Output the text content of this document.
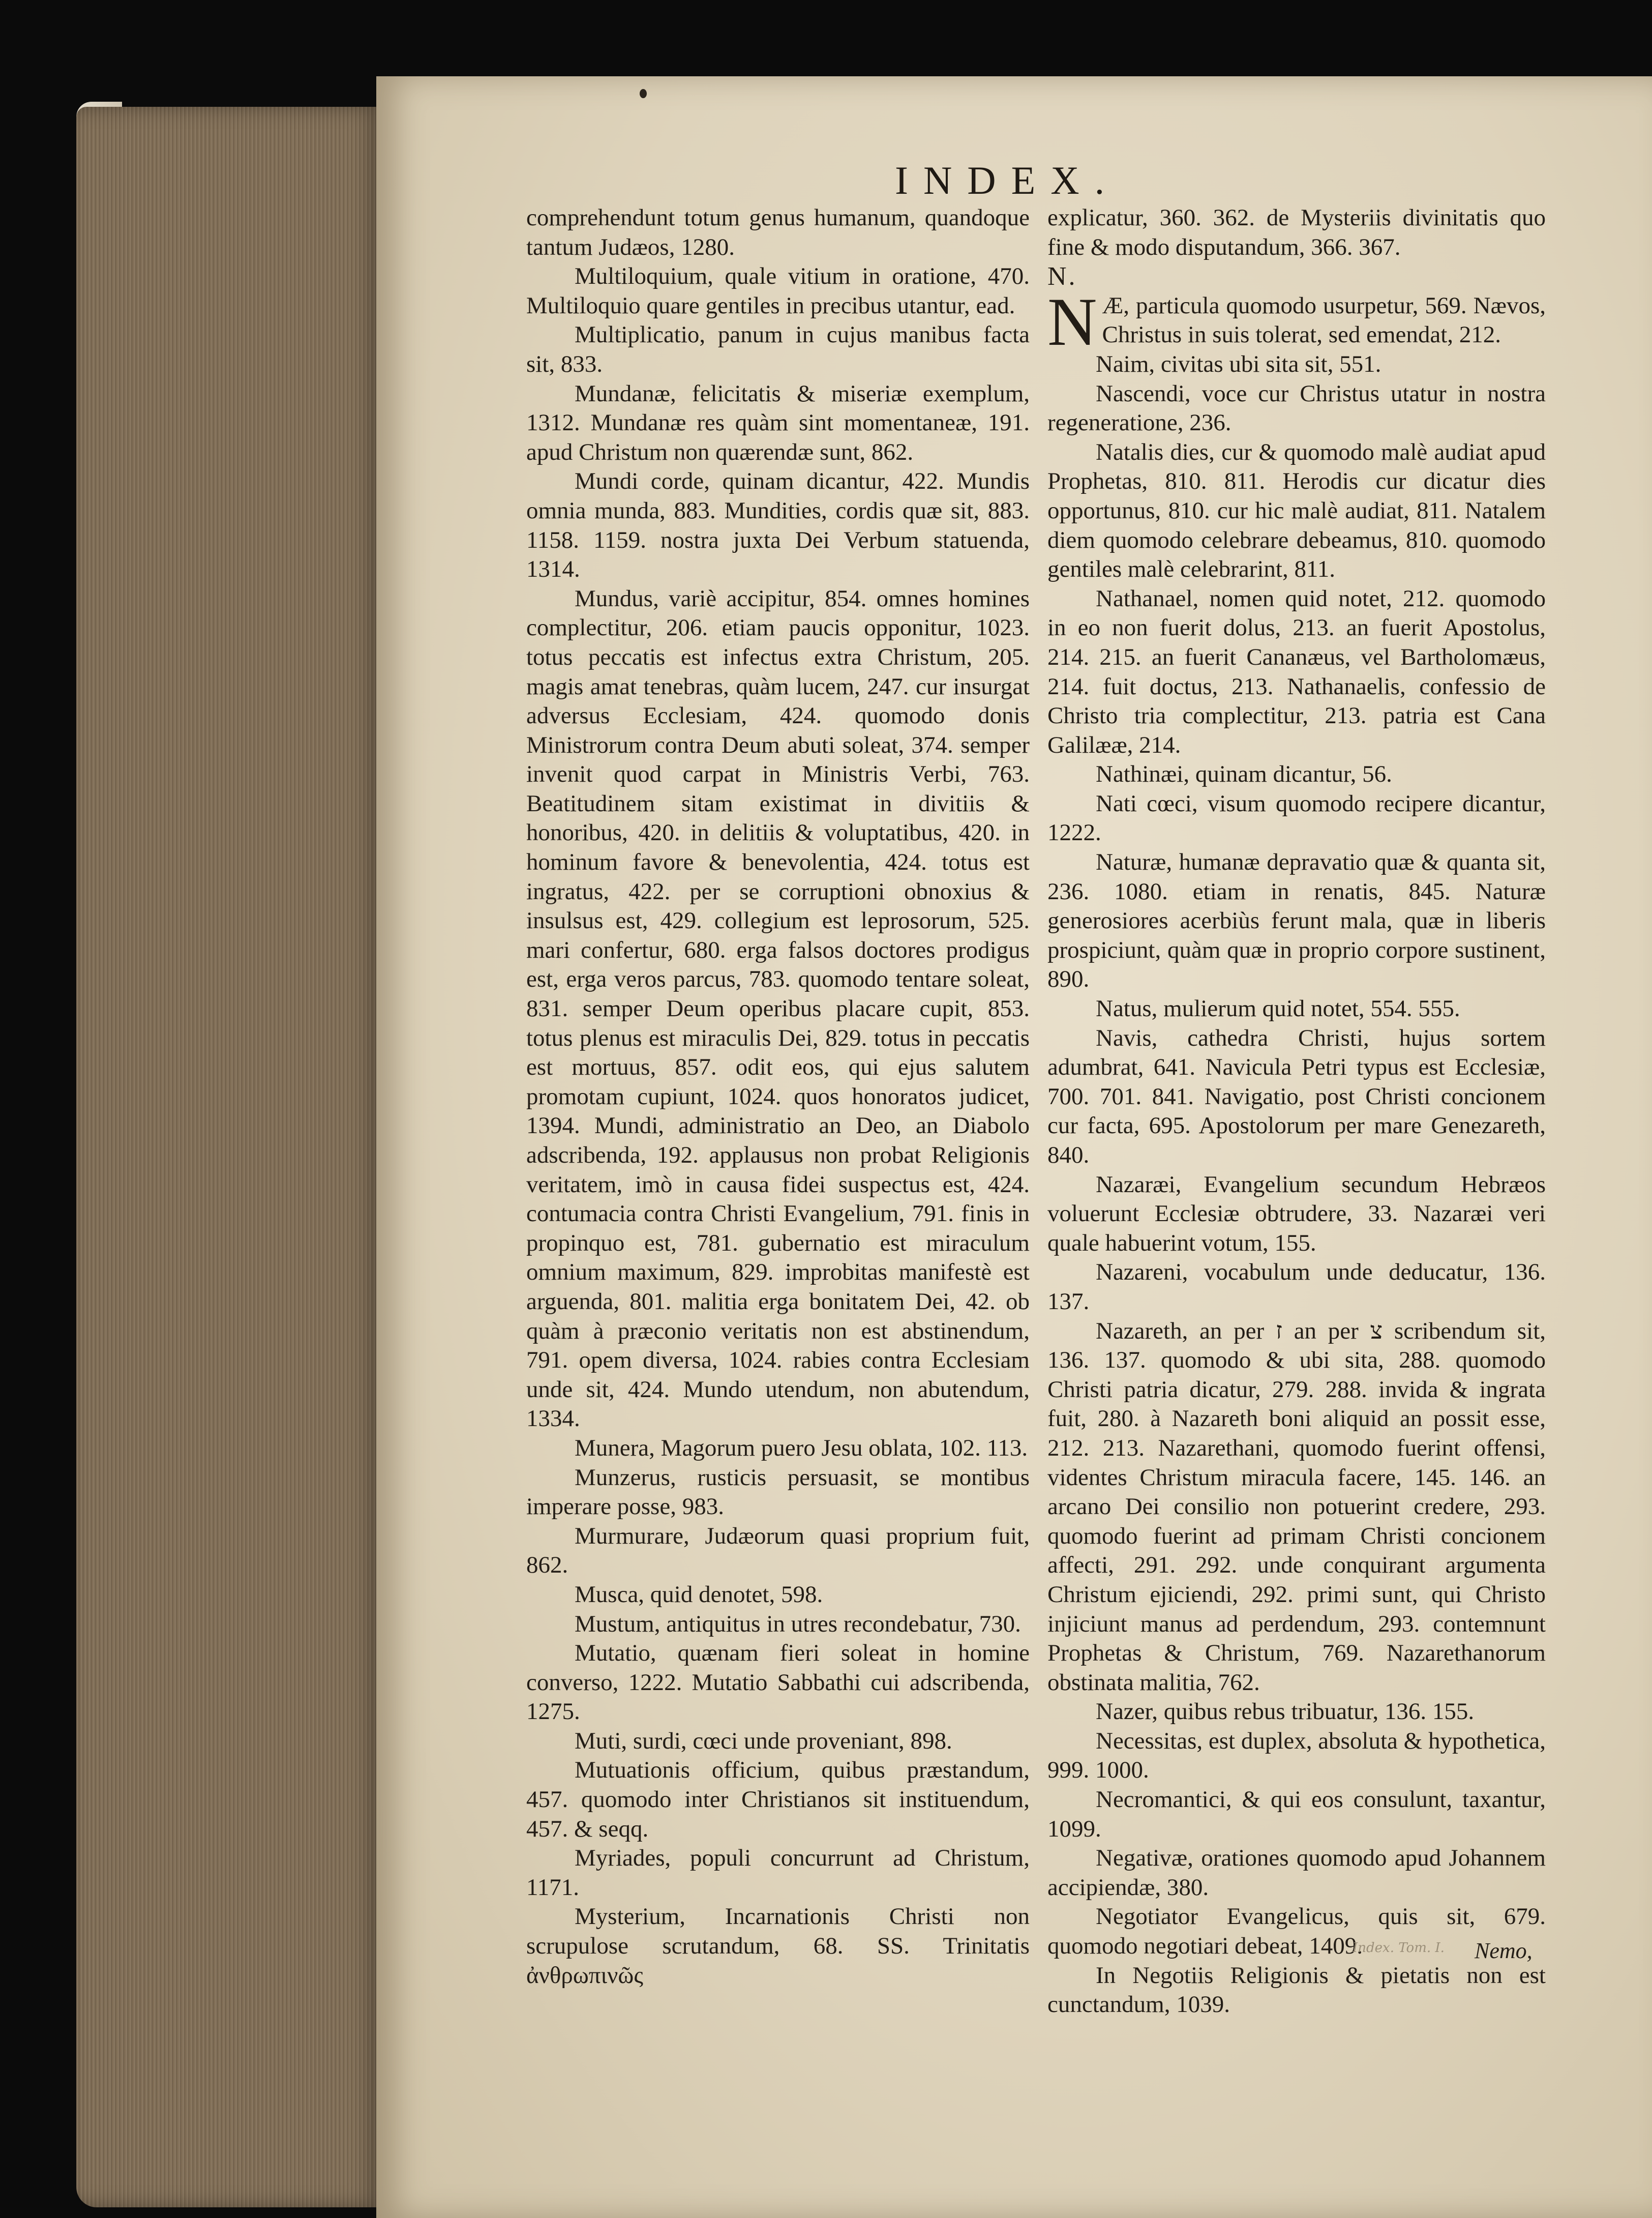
INDEX.

comprehendunt totum genus humanum, quandoque tantum Judæos, 1280.

Multiloquium, quale vitium in oratione, 470. Multiloquio quare gentiles in precibus utantur, ead.

Multiplicatio, panum in cujus manibus facta sit, 833.

Mundanæ, felicitatis & miseriæ exemplum, 1312. Mundanæ res quàm sint momentaneæ, 191. apud Christum non quærendæ sunt, 862.

Mundi corde, quinam dicantur, 422. Mundis omnia munda, 883. Mundities, cordis quæ sit, 883. 1158. 1159. nostra juxta Dei Verbum statuenda, 1314.

Mundus, variè accipitur, 854. omnes homines complectitur, 206. etiam paucis opponitur, 1023. totus peccatis est infectus extra Christum, 205. magis amat tenebras, quàm lucem, 247. cur insurgat adversus Ecclesiam, 424. quomodo donis Ministrorum contra Deum abuti soleat, 374. semper invenit quod carpat in Ministris Verbi, 763. Beatitudinem sitam existimat in divitiis & honoribus, 420. in delitiis & voluptatibus, 420. in hominum favore & benevolentia, 424. totus est ingratus, 422. per se corruptioni obnoxius & insulsus est, 429. collegium est leprosorum, 525. mari confertur, 680. erga falsos doctores prodigus est, erga veros parcus, 783. quomodo tentare soleat, 831. semper Deum operibus placare cupit, 853. totus plenus est miraculis Dei, 829. totus in peccatis est mortuus, 857. odit eos, qui ejus salutem promotam cupiunt, 1024. quos honoratos judicet, 1394. Mundi, administratio an Deo, an Diabolo adscribenda, 192. applausus non probat Religionis veritatem, imò in causa fidei suspectus est, 424. contumacia contra Christi Evangelium, 791. finis in propinquo est, 781. gubernatio est miraculum omnium maximum, 829. improbitas manifestè est arguenda, 801. malitia erga bonitatem Dei, 42. ob quàm à præconio veritatis non est abstinendum, 791. opem diversa, 1024. rabies contra Ecclesiam unde sit, 424. Mundo utendum, non abutendum, 1334.

Munera, Magorum puero Jesu oblata, 102. 113.

Munzerus, rusticis persuasit, se montibus imperare posse, 983.

Murmurare, Judæorum quasi proprium fuit, 862.

Musca, quid denotet, 598.

Mustum, antiquitus in utres recondebatur, 730.

Mutatio, quænam fieri soleat in homine converso, 1222. Mutatio Sabbathi cui adscribenda, 1275.

Muti, surdi, cœci unde proveniant, 898.

Mutuationis officium, quibus præstandum, 457. quomodo inter Christianos sit instituendum, 457. & seqq.

Myriades, populi concurrunt ad Christum, 1171.

Mysterium, Incarnationis Christi non scrupulose scrutandum, 68. SS. Trinitatis ἀνθρωπινῶς

explicatur, 360. 362. de Mysteriis divinitatis quo fine & modo disputandum, 366. 367.

N.

N Æ, particula quomodo usurpetur, 569. Nævos, Christus in suis tolerat, sed emendat, 212.

Naim, civitas ubi sita sit, 551.

Nascendi, voce cur Christus utatur in nostra regeneratione, 236.

Natalis dies, cur & quomodo malè audiat apud Prophetas, 810. 811. Herodis cur dicatur dies opportunus, 810. cur hic malè audiat, 811. Natalem diem quomodo celebrare debeamus, 810. quomodo gentiles malè celebrarint, 811.

Nathanael, nomen quid notet, 212. quomodo in eo non fuerit dolus, 213. an fuerit Apostolus, 214. 215. an fuerit Cananæus, vel Bartholomæus, 214. fuit doctus, 213. Nathanaelis, confessio de Christo tria complectitur, 213. patria est Cana Galilææ, 214.

Nathinæi, quinam dicantur, 56.

Nati cœci, visum quomodo recipere dicantur, 1222.

Naturæ, humanæ depravatio quæ & quanta sit, 236. 1080. etiam in renatis, 845. Naturæ generosiores acerbiùs ferunt mala, quæ in liberis prospiciunt, quàm quæ in proprio corpore sustinent, 890.

Natus, mulierum quid notet, 554. 555.

Navis, cathedra Christi, hujus sortem adumbrat, 641. Navicula Petri typus est Ecclesiæ, 700. 701. 841. Navigatio, post Christi concionem cur facta, 695. Apostolorum per mare Genezareth, 840.

Nazaræi, Evangelium secundum Hebræos voluerunt Ecclesiæ obtrudere, 33. Nazaræi veri quale habuerint votum, 155.

Nazareni, vocabulum unde deducatur, 136. 137.

Nazareth, an per ז an per צ scribendum sit, 136. 137. quomodo & ubi sita, 288. quomodo Christi patria dicatur, 279. 288. invida & ingrata fuit, 280. à Nazareth boni aliquid an possit esse, 212. 213. Nazarethani, quomodo fuerint offensi, videntes Christum miracula facere, 145. 146. an arcano Dei consilio non potuerint credere, 293. quomodo fuerint ad primam Christi concionem affecti, 291. 292. unde conquirant argumenta Christum ejiciendi, 292. primi sunt, qui Christo injiciunt manus ad perdendum, 293. contemnunt Prophetas & Christum, 769. Nazarethanorum obstinata malitia, 762.

Nazer, quibus rebus tribuatur, 136. 155.

Necessitas, est duplex, absoluta & hypothetica, 999. 1000.

Necromantici, & qui eos consulunt, taxantur, 1099.

Negativæ, orationes quomodo apud Johannem accipiendæ, 380.

Negotiator Evangelicus, quis sit, 679. quomodo negotiari debeat, 1409.

In Negotiis Religionis & pietatis non est cunctandum, 1039.

Index. Tom. I. Nemo,
